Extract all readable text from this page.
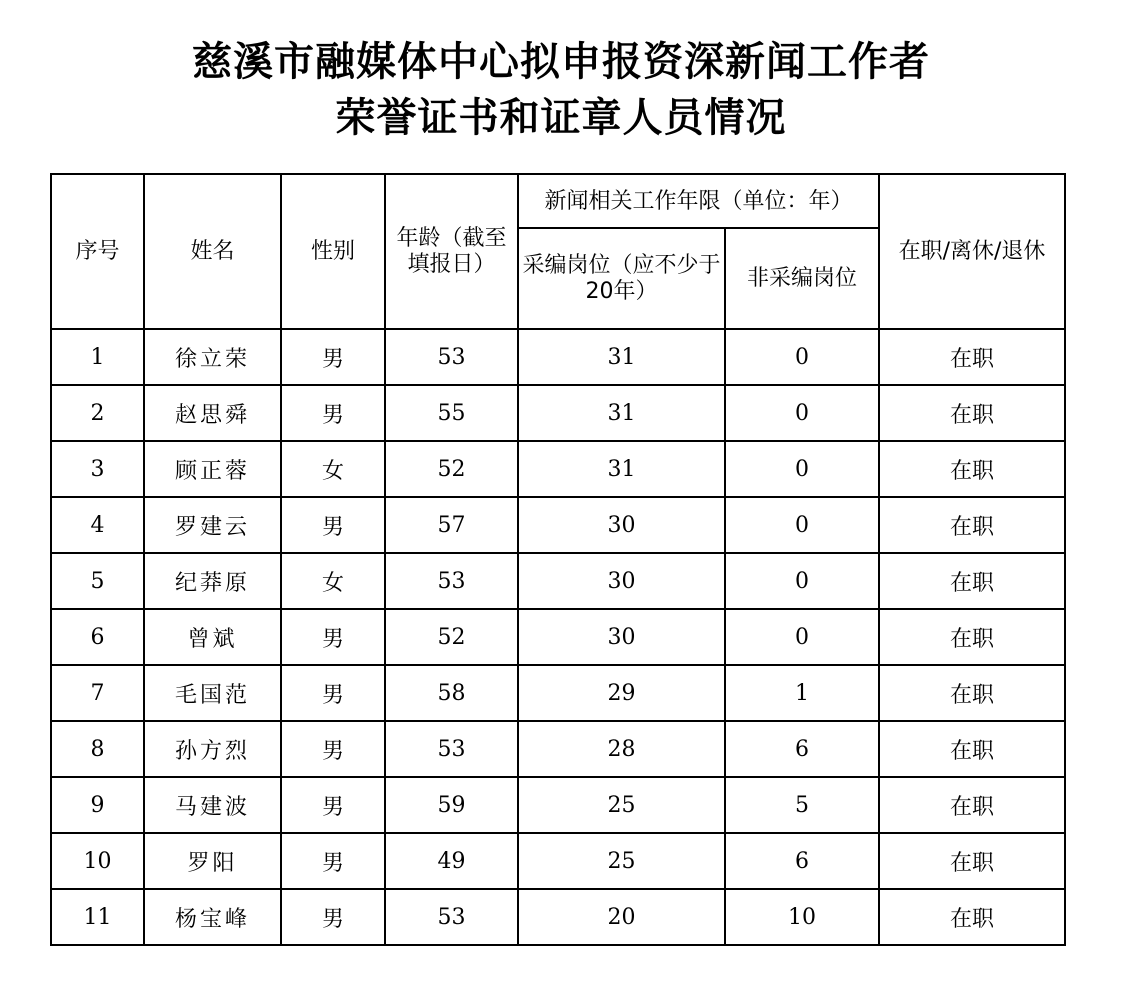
慈溪市融媒体中心拟申报资深新闻工作者
荣誉证书和证章人员情况
序号	姓名	性别	年龄（截至填报日）	新闻相关工作年限（单位：年）		在职/离休/退休
				采编岗位（应不少于20年）	非采编岗位	
1	徐立荣	男	53	31	0	在职
2	赵思舜	男	55	31	0	在职
3	顾正蓉	女	52	31	0	在职
4	罗建云	男	57	30	0	在职
5	纪莽原	女	53	30	0	在职
6	曾斌	男	52	30	0	在职
7	毛国范	男	58	29	1	在职
8	孙方烈	男	53	28	6	在职
9	马建波	男	59	25	5	在职
10	罗阳	男	49	25	6	在职
11	杨宝峰	男	53	20	10	在职
